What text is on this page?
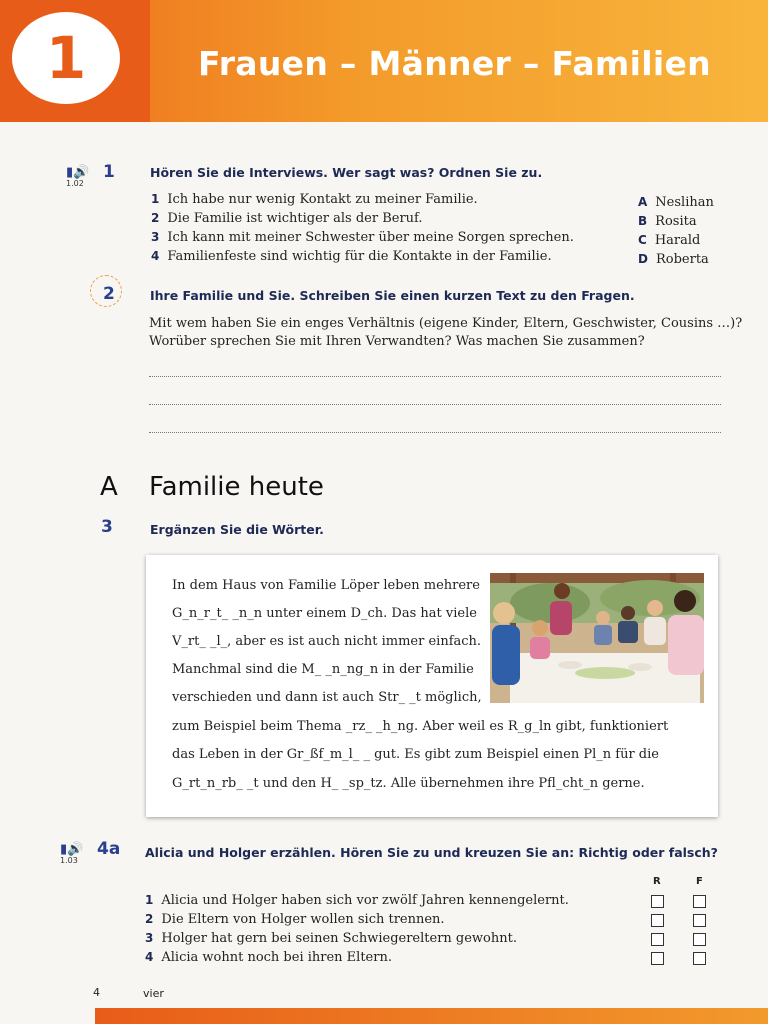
1	Frauen – Männer – Familien
▮🔊
1.02
1	Hören Sie die Interviews. Wer sagt was? Ordnen Sie zu.
1 Ich habe nur wenig Kontakt zu meiner Familie.
2 Die Familie ist wichtiger als der Beruf.
3 Ich kann mit meiner Schwester über meine Sorgen sprechen.
4 Familienfeste sind wichtig für die Kontakte in der Familie.
A Neslihan
B Rosita
C Harald
D Roberta
2	Ihre Familie und Sie. Schreiben Sie einen kurzen Text zu den Fragen.
Mit wem haben Sie ein enges Verhältnis (eigene Kinder, Eltern, Geschwister, Cousins …)?
Worüber sprechen Sie mit Ihren Verwandten? Was machen Sie zusammen?
A Familie heute
3	Ergänzen Sie die Wörter.
In dem Haus von Familie Löper leben mehrere
G_n_r_t_ _n_n unter einem D_ch. Das hat viele
V_rt_ _l_, aber es ist auch nicht immer einfach.
Manchmal sind die M_ _n_ng_n in der Familie
verschieden und dann ist auch Str_ _t möglich,
zum Beispiel beim Thema _rz_ _h_ng. Aber weil es R_g_ln gibt, funktioniert
das Leben in der Gr_ßf_m_l_ _ gut. Es gibt zum Beispiel einen Pl_n für die
G_rt_n_rb_ _t und den H_ _sp_tz. Alle übernehmen ihre Pfl_cht_n gerne.
▮🔊
1.03
4a Alicia und Holger erzählen. Hören Sie zu und kreuzen Sie an: Richtig oder falsch?
R	F
1 Alicia und Holger haben sich vor zwölf Jahren kennengelernt.
2 Die Eltern von Holger wollen sich trennen.
3 Holger hat gern bei seinen Schwiegereltern gewohnt.
4 Alicia wohnt noch bei ihren Eltern.
4	vier
